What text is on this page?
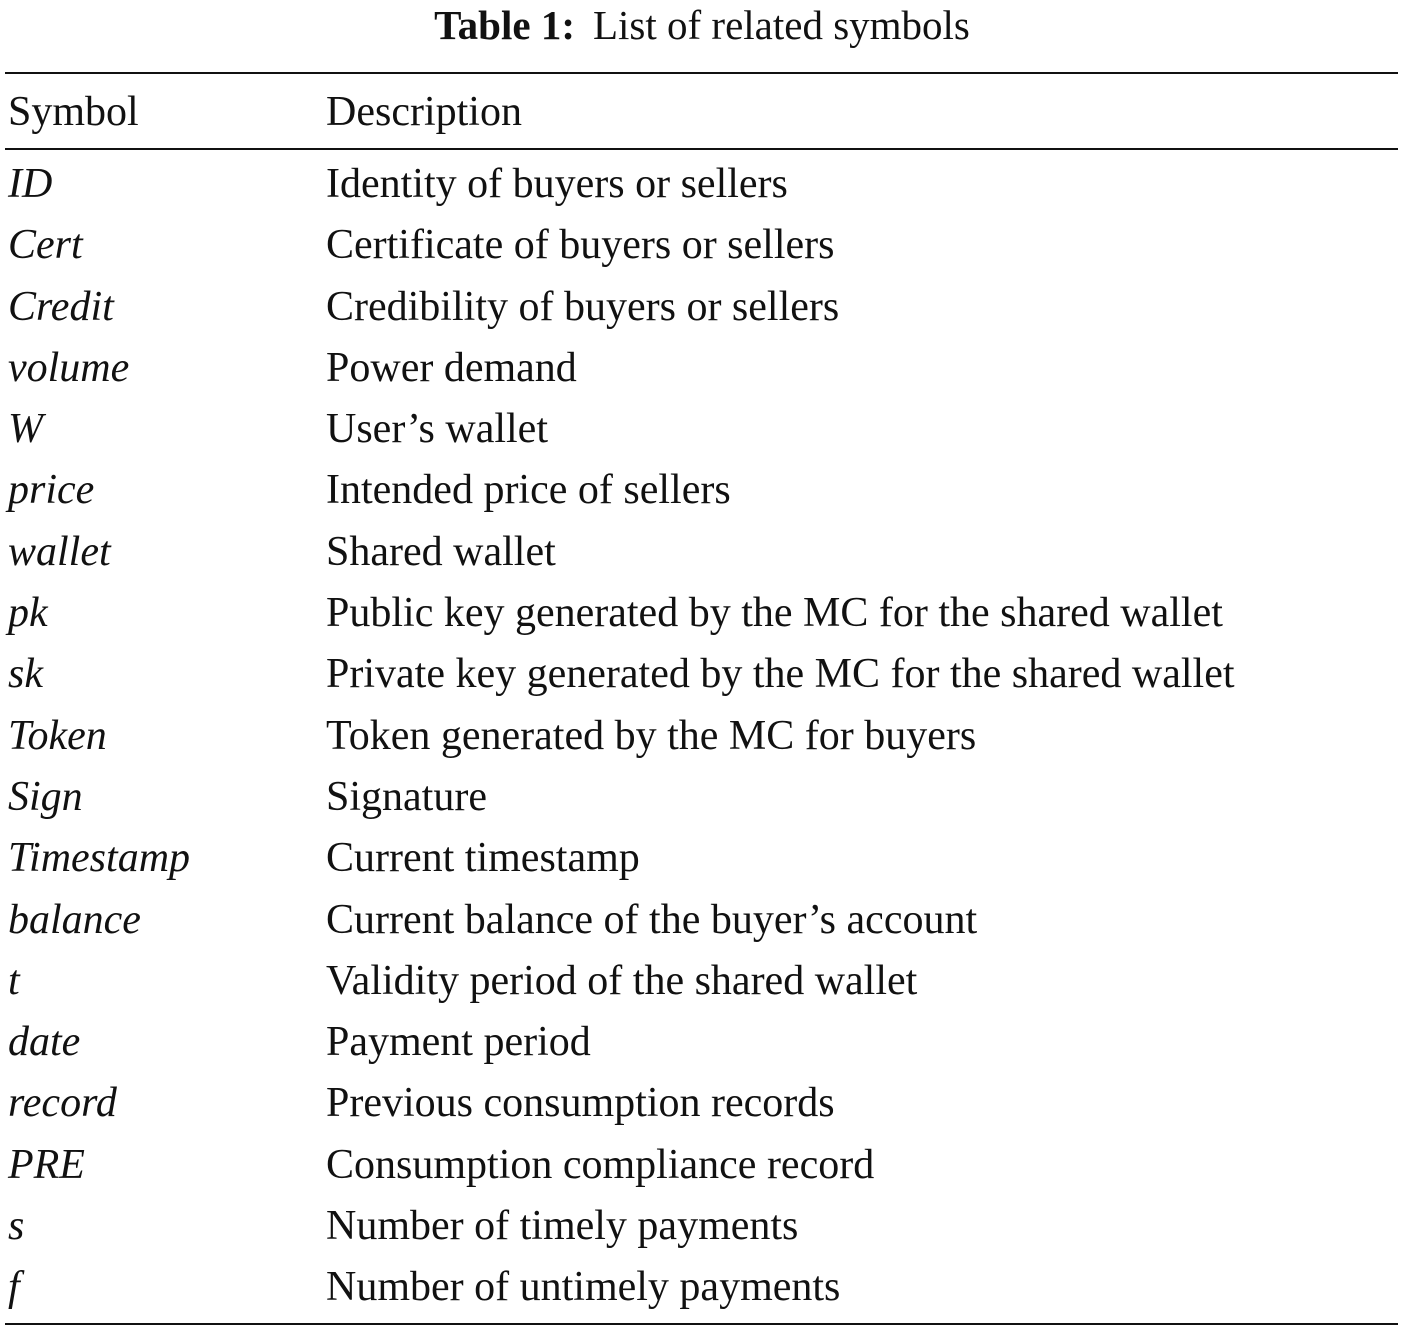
Table 1: List of related symbols
Symbol	Description
ID	Identity of buyers or sellers
Cert	Certificate of buyers or sellers
Credit	Credibility of buyers or sellers
volume	Power demand
W	User’s wallet
price	Intended price of sellers
wallet	Shared wallet
pk	Public key generated by the MC for the shared wallet
sk	Private key generated by the MC for the shared wallet
Token	Token generated by the MC for buyers
Sign	Signature
Timestamp	Current timestamp
balance	Current balance of the buyer’s account
t	Validity period of the shared wallet
date	Payment period
record	Previous consumption records
PRE	Consumption compliance record
s	Number of timely payments
f	Number of untimely payments
